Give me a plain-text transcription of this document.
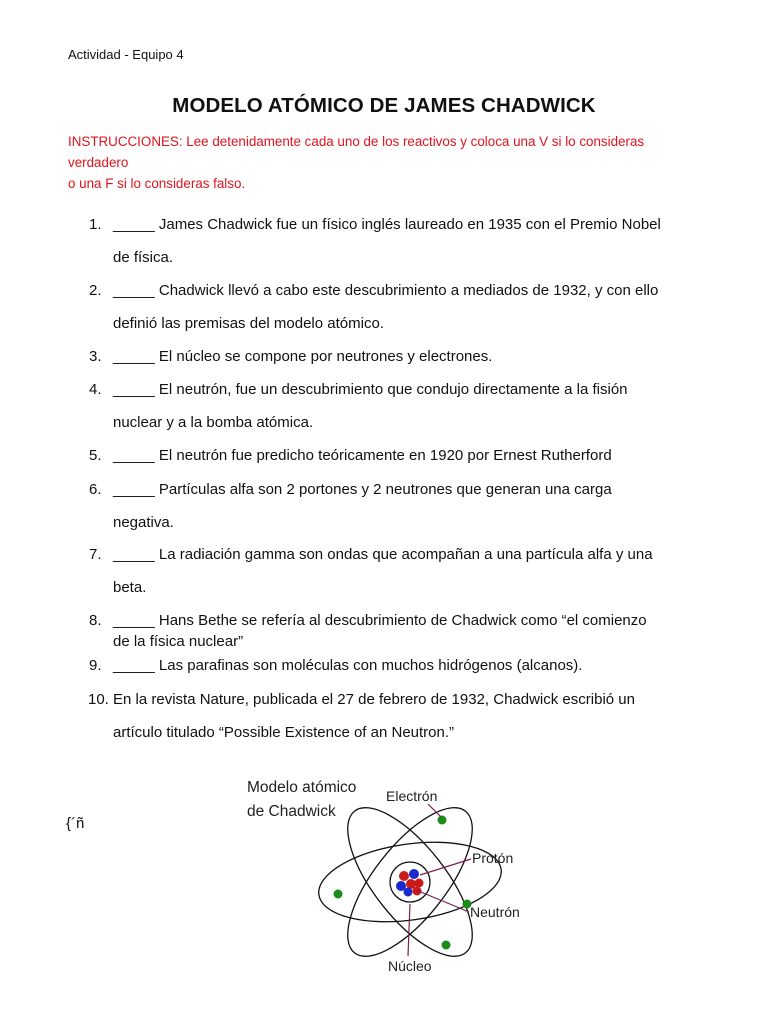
Actividad - Equipo 4
MODELO ATÓMICO DE JAMES CHADWICK
INSTRUCCIONES: Lee detenidamente cada uno de los reactivos y coloca una V si lo consideras verdadero
o una F si lo consideras falso.
1. _____ James Chadwick fue un físico inglés laureado en 1935 con el Premio Nobel
de física.
2. _____ Chadwick llevó a cabo este descubrimiento a mediados de 1932, y con ello
definió las premisas del modelo atómico.
3. _____ El núcleo se compone por neutrones y electrones.
4. _____ El neutrón, fue un descubrimiento que condujo directamente a la fisión
nuclear y a la bomba atómica.
5. _____ El neutrón fue predicho teóricamente en 1920 por Ernest Rutherford
6. _____ Partículas alfa son 2 portones y 2 neutrones que generan una carga
negativa.
7. _____ La radiación gamma son ondas que acompañan a una partícula alfa y una
beta.
8. _____ Hans Bethe se refería al descubrimiento de Chadwick como “el comienzo
de la física nuclear”
9. _____ Las parafinas son moléculas con muchos hidrógenos (alcanos).
10. En la revista Nature, publicada el 27 de febrero de 1932, Chadwick escribió un
artículo titulado “Possible Existence of an Neutron.”
{´ñ
Modelo atómico
de Chadwick
Electrón
Protón
Neutrón
Núcleo
